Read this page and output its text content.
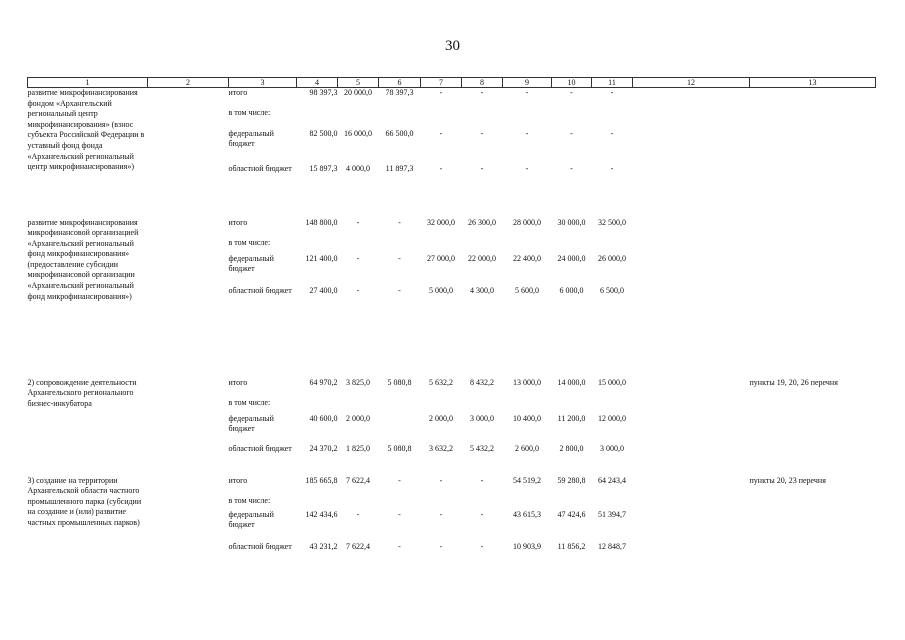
30
1	2	3	4	5	6	7	8	9	10	11	12	13
развитие микрофинансирования фондом «Архангельский региональный центр микрофинансирования» (взнос субъекта Российской Федерации в уставный фонд фонда «Архангельский региональный центр микрофинансирования»)		итого	98 397,3	20 000,0	78 397,3	-	-	-	-	-		
		в том числе:										
		федеральный бюджет	82 500,0	16 000,0	66 500,0	-	-	-	-	-		
		областной бюджет	15 897,3	4 000,0	11 897,3	-	-	-	-	-		

развитие микрофинансирования микрофинансовой организацией «Архангельский региональный фонд микрофинансирования» (предоставление субсидии микрофинансовой организации «Архангельский региональный фонд микрофинансирования»)		итого	148 800,0	-	-	32 000,0	26 300,0	28 000,0	30 000,0	32 500,0		
		в том числе:										
		федеральный бюджет	121 400,0	-	-	27 000,0	22 000,0	22 400,0	24 000,0	26 000,0		
		областной бюджет	27 400,0	-	-	5 000,0	4 300,0	5 600,0	6 000,0	6 500,0		

2) сопровождение деятельности Архангельского регионального бизнес-инкубатора		итого	64 970,2	3 825,0	5 080,8	5 632,2	8 432,2	13 000,0	14 000,0	15 000,0		пункты 19, 20, 26 перечня
		в том числе:										
		федеральный бюджет	40 600,0	2 000,0		2 000,0	3 000,0	10 400,0	11 200,0	12 000,0		
		областной бюджет	24 370,2	1 825,0	5 080,8	3 632,2	5 432,2	2 600,0	2 800,0	3 000,0		

3) создание на территории Архангельской области частного промышленного парка (субсидии на создание и (или) развитие частных промышленных парков)		итого	185 665,8	7 622,4	-	-	-	54 519,2	59 280,8	64 243,4		пункты 20, 23 перечня
		в том числе:										
		федеральный бюджет	142 434,6	-	-	-	-	43 615,3	47 424,6	51 394,7		
		областной бюджет	43 231,2	7 622,4	-	-	-	10 903,9	11 856,2	12 848,7		
